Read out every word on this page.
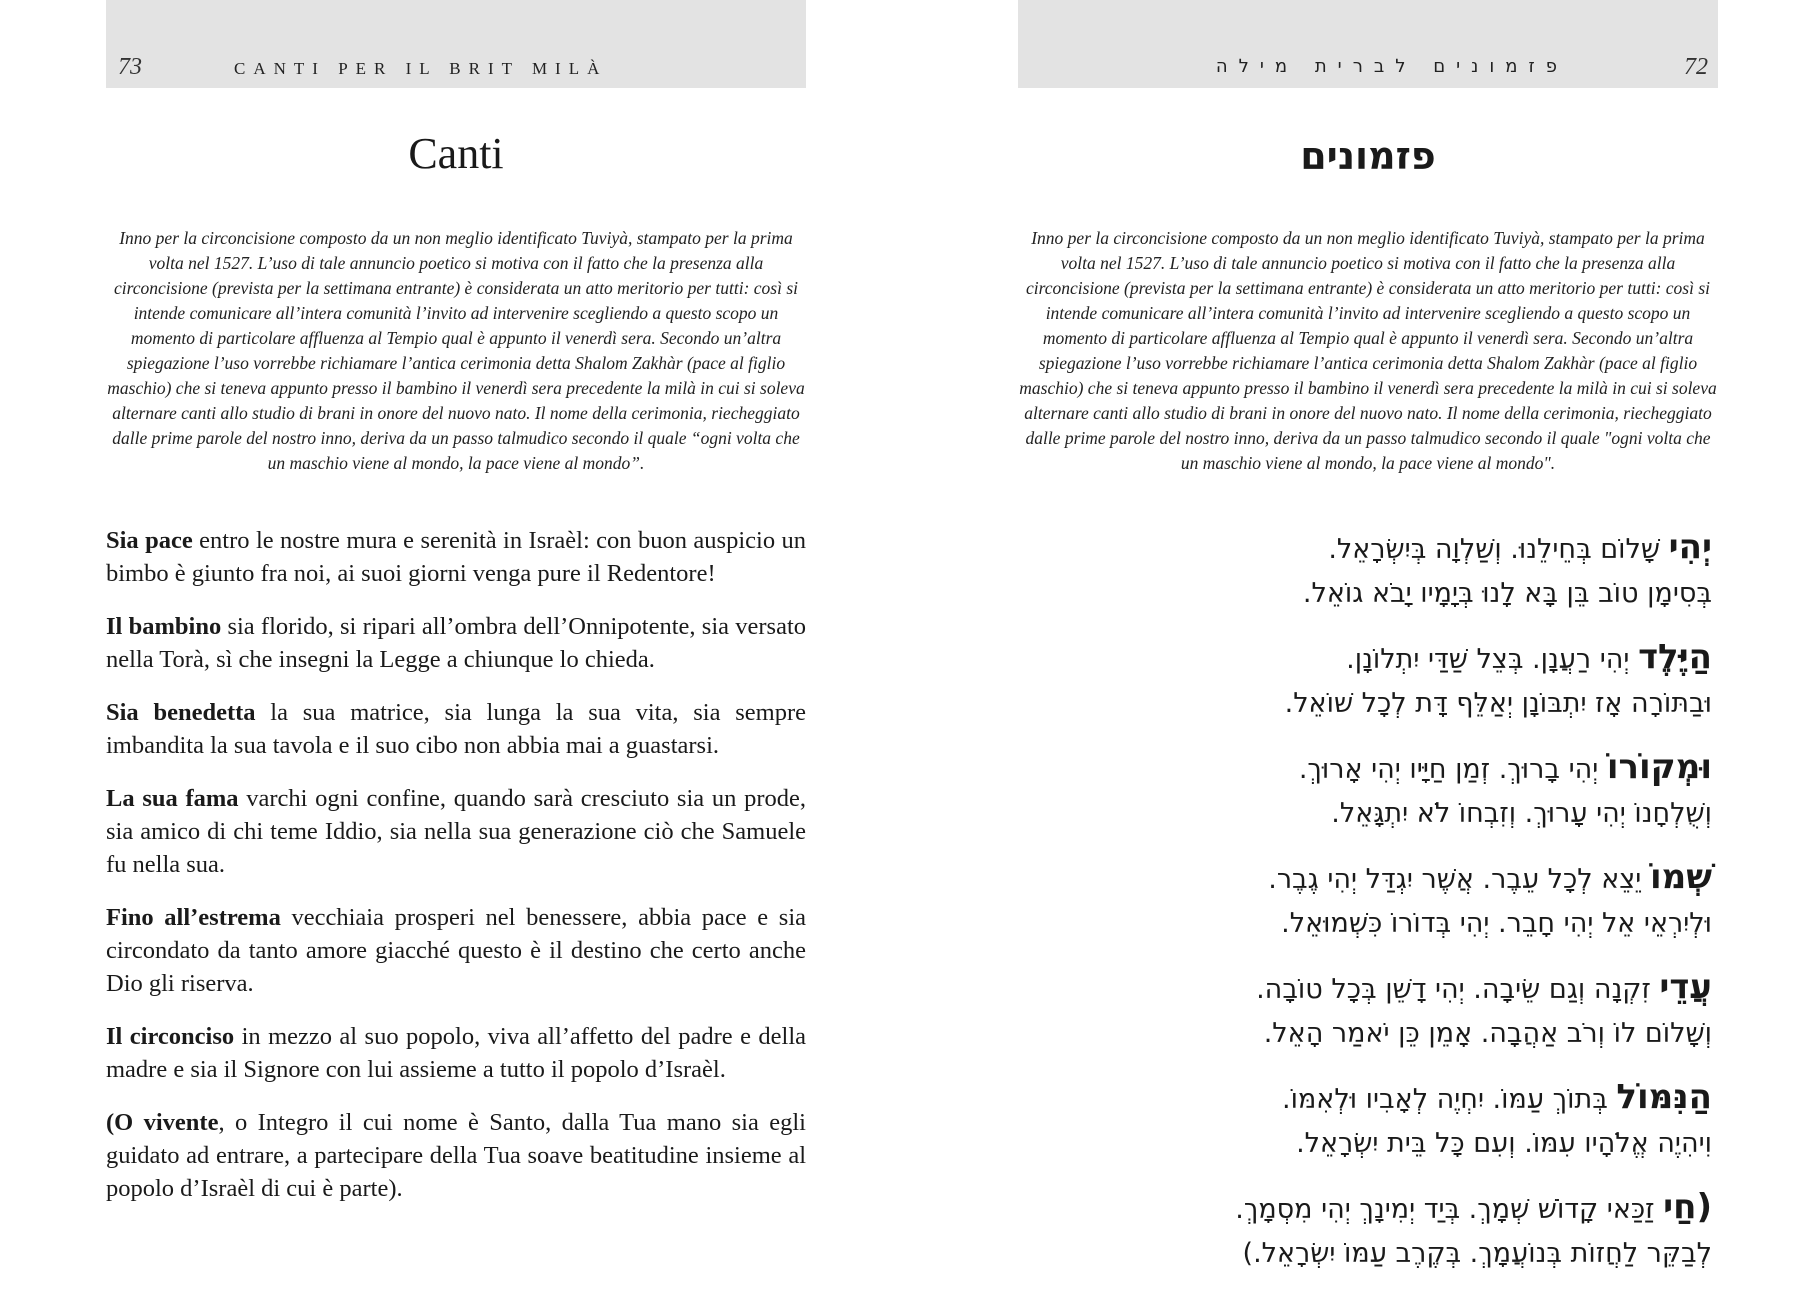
73	CANTI PER IL BRIT MILÀ
Canti

Inno per la circoncisione composto da un non meglio identificato Tuviyà, stampato per la prima volta nel 1527. L’uso di tale annuncio poetico si motiva con il fatto che la presenza alla circoncisione (prevista per la settimana entrante) è considerata un atto meritorio per tutti: così si intende comunicare all’intera comunità l’invito ad intervenire scegliendo a questo scopo un momento di particolare affluenza al Tempio qual è appunto il venerdì sera. Secondo un’altra spiegazione l’uso vorrebbe richiamare l’antica cerimonia detta Shalom Zakhàr (pace al figlio maschio) che si teneva appunto presso il bambino il venerdì sera precedente la milà in cui si soleva alternare canti allo studio di brani in onore del nuovo nato. Il nome della cerimonia, riecheggiato dalle prime parole del nostro inno, deriva da un passo talmudico secondo il quale “ogni volta che un maschio viene al mondo, la pace viene al mondo”.

Sia pace entro le nostre mura e serenità in Israèl: con buon auspicio un bimbo è giunto fra noi, ai suoi giorni venga pure il Redentore!

Il bambino sia florido, si ripari all’ombra dell’Onnipotente, sia versato nella Torà, sì che insegni la Legge a chiunque lo chieda.

Sia benedetta la sua matrice, sia lunga la sua vita, sia sempre imbandita la sua tavola e il suo cibo non abbia mai a guastarsi.

La sua fama varchi ogni confine, quando sarà cresciuto sia un prode, sia amico di chi teme Iddio, sia nella sua generazione ciò che Samuele fu nella sua.

Fino all’estrema vecchiaia prosperi nel benessere, abbia pace e sia circondato da tanto amore giacché questo è il destino che certo anche Dio gli riserva.

Il circonciso in mezzo al suo popolo, viva all’affetto del padre e della madre e sia il Signore con lui assieme a tutto il popolo d’Israèl.

(O vivente, o Integro il cui nome è Santo, dalla Tua mano sia egli guidato ad entrare, a partecipare della Tua soave beatitudine insieme al popolo d’Israèl di cui è parte).

72
פזמונים לברית מילה
פזמונים

Inno per la circoncisione composto da un non meglio identificato Tuviyà, stampato per la prima volta nel 1527. L’uso di tale annuncio poetico si motiva con il fatto che la presenza alla circoncisione (prevista per la settimana entrante) è considerata un atto meritorio per tutti: così si intende comunicare all’intera comunità l’invito ad intervenire scegliendo a questo scopo un momento di particolare affluenza al Tempio qual è appunto il venerdì sera. Secondo un’altra spiegazione l’uso vorrebbe richiamare l’antica cerimonia detta Shalom Zakhàr (pace al figlio maschio) che si teneva appunto presso il bambino il venerdì sera precedente la milà in cui si soleva alternare canti allo studio di brani in onore del nuovo nato. Il nome della cerimonia, riecheggiato dalle prime parole del nostro inno, deriva da un passo talmudico secondo il quale "ogni volta che un maschio viene al mondo, la pace viene al mondo".

יְהִי שָׁלוֹם בְּחֵילֵנוּ. וְשַׁלְוָה בְּיִשְׂרָאֵל.
בְּסִימָן טוֹב בֵּן בָּא לָנוּ בְּיָמָיו יָבֹא גוֹאֵל.
הַיֶּלֶד יְהִי רַעֲנָן. בְּצֵל שַׁדַּי יִתְלוֹנָן.
וּבַתּוֹרָה אָז יִתְבּוֹנָן יְאַלֵּף דָּת לְכָל שׁוֹאֵל.
וּמְקוֹרוֹ יְהִי בָרוּךְ. זְמַן חַיָּיו יְהִי אָרוּךְ.
וְשֻׁלְחָנוֹ יְהִי עָרוּךְ. וְזִבְחוֹ לֹא יִתְגָּאֵל.
שְׁמוֹ יֵצֵא לְכָל עֵבֶר. אֲשֶׁר יִגְדַּל יְהִי גֶבֶר.
וּלְיִרְאֵי אֵל יְהִי חָבֵר. יְהִי בְּדוֹרוֹ כִּשְׁמוּאֵל.
עֲדֵי זִקְנָה וְגַם שֵׂיבָה. יְהִי דָשֵׁן בְּכָל טוֹבָה.
וְשָׁלוֹם לוֹ וְרֹב אַהֲבָה. אָמֵן כֵּן יֹאמַר הָאֵל.
הַנִּמּוֹל בְּתוֹךְ עַמּוֹ. יִחְיֶה לְאָבִיו וּלְאִמּוֹ.
וִיהִיֶה אֱלֹהָיו עִמּוֹ. וְעִם כָּל בֵּית יִשְׂרָאֵל.
(חַי זַכַּאי קָדוֹשׁ שְׁמָךְ. בְּיַד יְמִינָךְ יְהִי מִסְמָךְ.
לְבַקֵּר לַחֲזוֹת בְּנוֹעֲמָךְ. בְּקֶרֶב עַמּוֹ יִשְׂרָאֵל.)
